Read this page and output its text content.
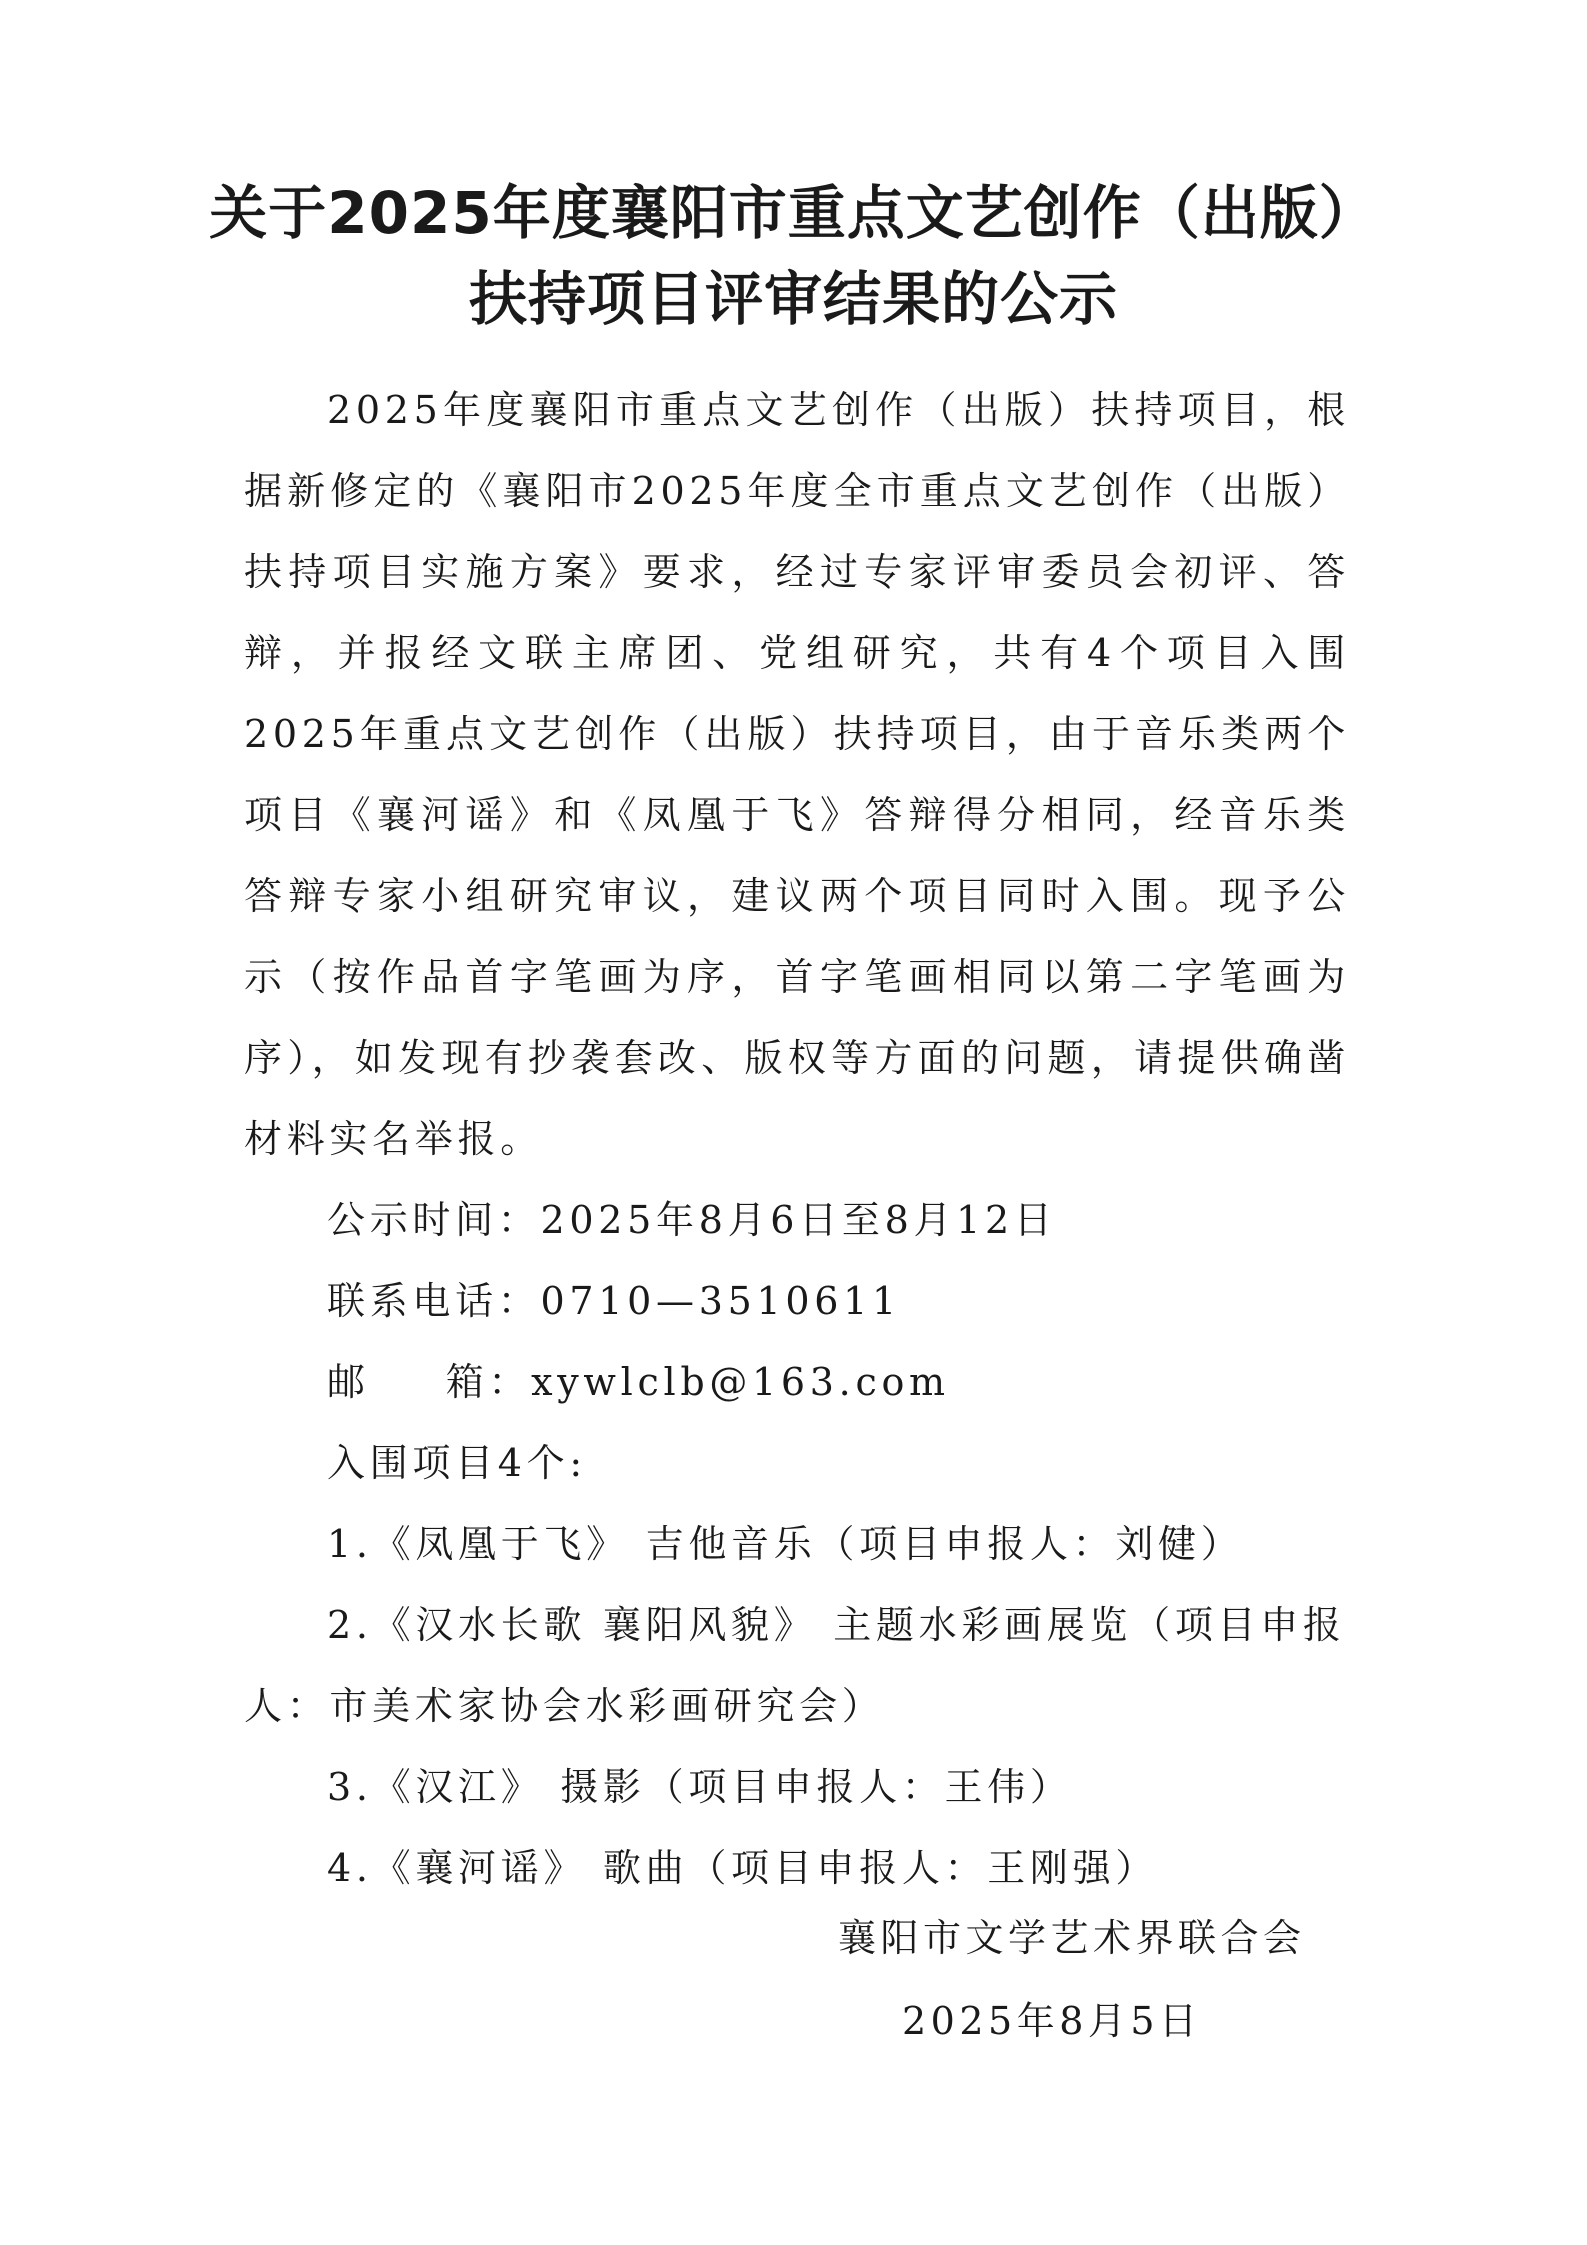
关于2025年度襄阳市重点文艺创作（出版）
扶持项目评审结果的公示

2025年度襄阳市重点文艺创作（出版）扶持项目，根据新修定的《襄阳市2025年度全市重点文艺创作（出版）扶持项目实施方案》要求，经过专家评审委员会初评、答辩，并报经文联主席团、党组研究，共有4个项目入围2025年重点文艺创作（出版）扶持项目，由于音乐类两个项目《襄河谣》和《凤凰于飞》答辩得分相同，经音乐类答辩专家小组研究审议，建议两个项目同时入围。现予公示（按作品首字笔画为序，首字笔画相同以第二字笔画为序），如发现有抄袭套改、版权等方面的问题，请提供确凿材料实名举报。

公示时间：2025年8月6日至8月12日

联系电话：0710—3510611

邮 箱：xywlclb@163.com

入围项目4个:

1.《凤凰于飞》 吉他音乐（项目申报人：刘健）

2.《汉水长歌 襄阳风貌》 主题水彩画展览（项目申报人：市美术家协会水彩画研究会）

3.《汉江》 摄影（项目申报人：王伟）

4.《襄河谣》 歌曲（项目申报人：王刚强）

襄阳市文学艺术界联合会
2025年8月5日
